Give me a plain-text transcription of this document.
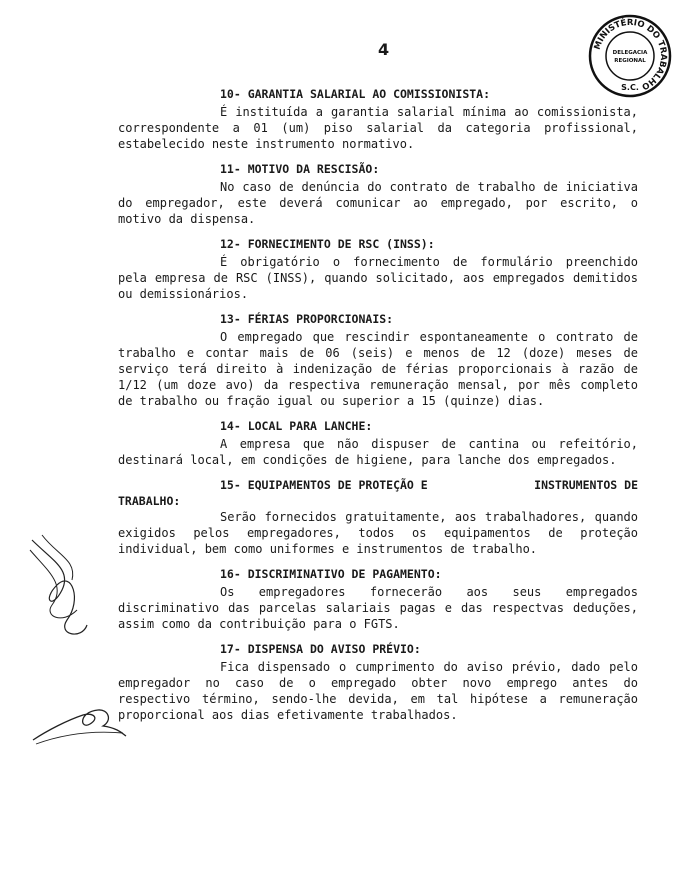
4	MINISTÉRIO DO TRABALHO
DELEGACIA
REGIONAL
S.C.
10- GARANTIA SALARIAL AO COMISSIONISTA:

É instituída a garantia salarial mínima ao comissionista, correspondente a 01 (um) piso salarial da categoria profissional, estabelecido neste instrumento normativo.

11- MOTIVO DA RESCISÃO:

No caso de denúncia do contrato de trabalho de iniciativa do empregador, este deverá comunicar ao empregado, por escrito, o motivo da dispensa.

12- FORNECIMENTO DE RSC (INSS):

É obrigatório o fornecimento de formulário preenchido pela empresa de RSC (INSS), quando solicitado, aos empregados demitidos ou demissionários.

13- FÉRIAS PROPORCIONAIS:

O empregado que rescindir espontaneamente o contrato de trabalho e contar mais de 06 (seis) e menos de 12 (doze) meses de serviço terá direito à indenização de férias proporcionais à razão de 1/12 (um doze avo) da respectiva remuneração mensal, por mês completo de trabalho ou fração igual ou superior a 15 (quinze) dias.

14- LOCAL PARA LANCHE:

A empresa que não dispuser de cantina ou refeitório, destinará local, em condições de higiene, para lanche dos empregados.

15- EQUIPAMENTOS DE PROTEÇÃO E	INSTRUMENTOS DE
TRABALHO:

Serão fornecidos gratuitamente, aos trabalhadores, quando exigidos pelos empregadores, todos os equipamentos de proteção individual, bem como uniformes e instrumentos de trabalho.

16- DISCRIMINATIVO DE PAGAMENTO:

Os empregadores fornecerão aos seus empregados discriminativo das parcelas salariais pagas e das respectvas deduções, assim como da contribuição para o FGTS.

17- DISPENSA DO AVISO PRÉVIO:

Fica dispensado o cumprimento do aviso prévio, dado pelo empregador no caso de o empregado obter novo emprego antes do respectivo término, sendo-lhe devida, em tal hipótese a remuneração proporcional aos dias efetivamente trabalhados.
